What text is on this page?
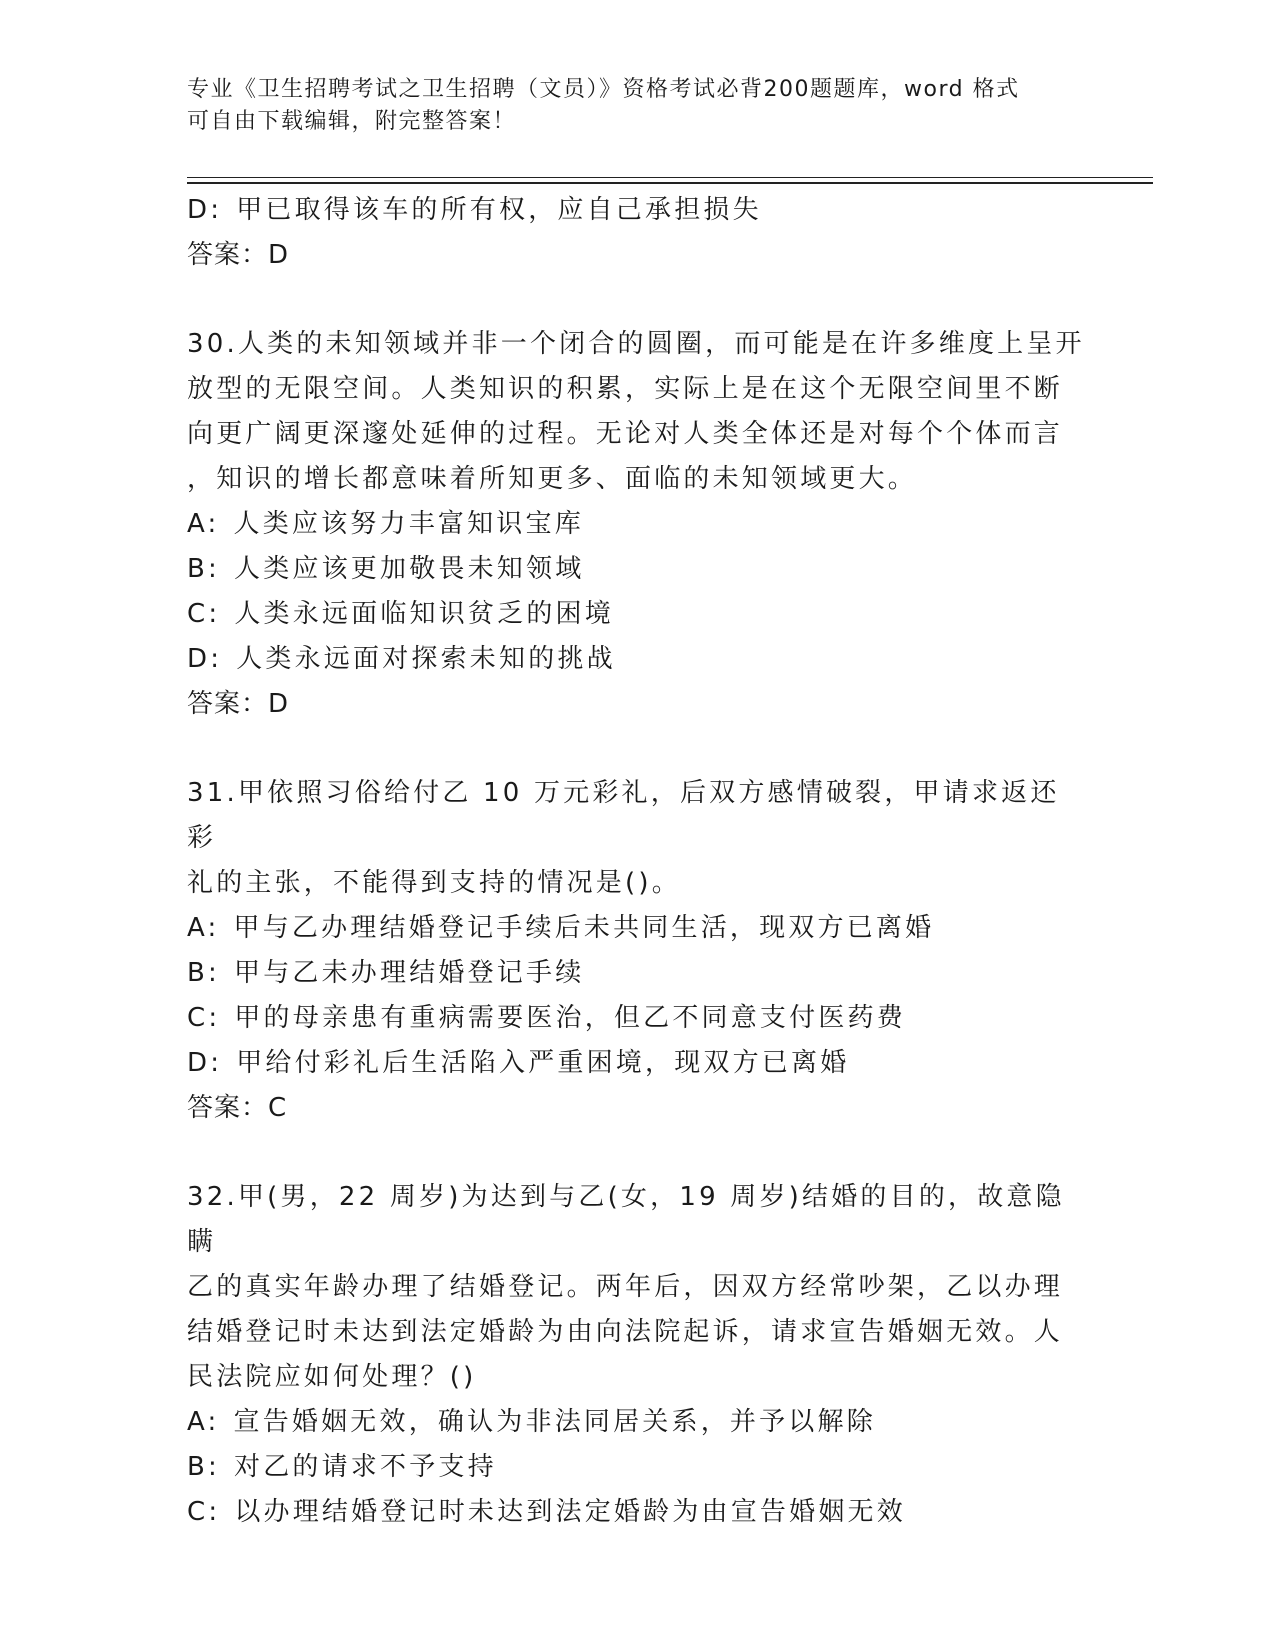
专业《卫生招聘考试之卫生招聘（文员）》资格考试必背200题题库，word 格式
可自由下载编辑，附完整答案！
D: 甲已取得该车的所有权，应自己承担损失
答案：D
30.人类的未知领域并非一个闭合的圆圈，而可能是在许多维度上呈开
放型的无限空间。人类知识的积累，实际上是在这个无限空间里不断
向更广阔更深邃处延伸的过程。无论对人类全体还是对每个个体而言
，知识的增长都意味着所知更多、面临的未知领域更大。
A: 人类应该努力丰富知识宝库
B: 人类应该更加敬畏未知领域
C: 人类永远面临知识贫乏的困境
D: 人类永远面对探索未知的挑战
答案：D
31.甲依照习俗给付乙 10 万元彩礼，后双方感情破裂，甲请求返还彩
礼的主张，不能得到支持的情况是()。
A: 甲与乙办理结婚登记手续后未共同生活，现双方已离婚
B: 甲与乙未办理结婚登记手续
C: 甲的母亲患有重病需要医治，但乙不同意支付医药费
D: 甲给付彩礼后生活陷入严重困境，现双方已离婚
答案：C
32.甲(男，22 周岁)为达到与乙(女，19 周岁)结婚的目的，故意隐瞒
乙的真实年龄办理了结婚登记。两年后，因双方经常吵架，乙以办理
结婚登记时未达到法定婚龄为由向法院起诉，请求宣告婚姻无效。人
民法院应如何处理？()
A: 宣告婚姻无效，确认为非法同居关系，并予以解除
B: 对乙的请求不予支持
C: 以办理结婚登记时未达到法定婚龄为由宣告婚姻无效
